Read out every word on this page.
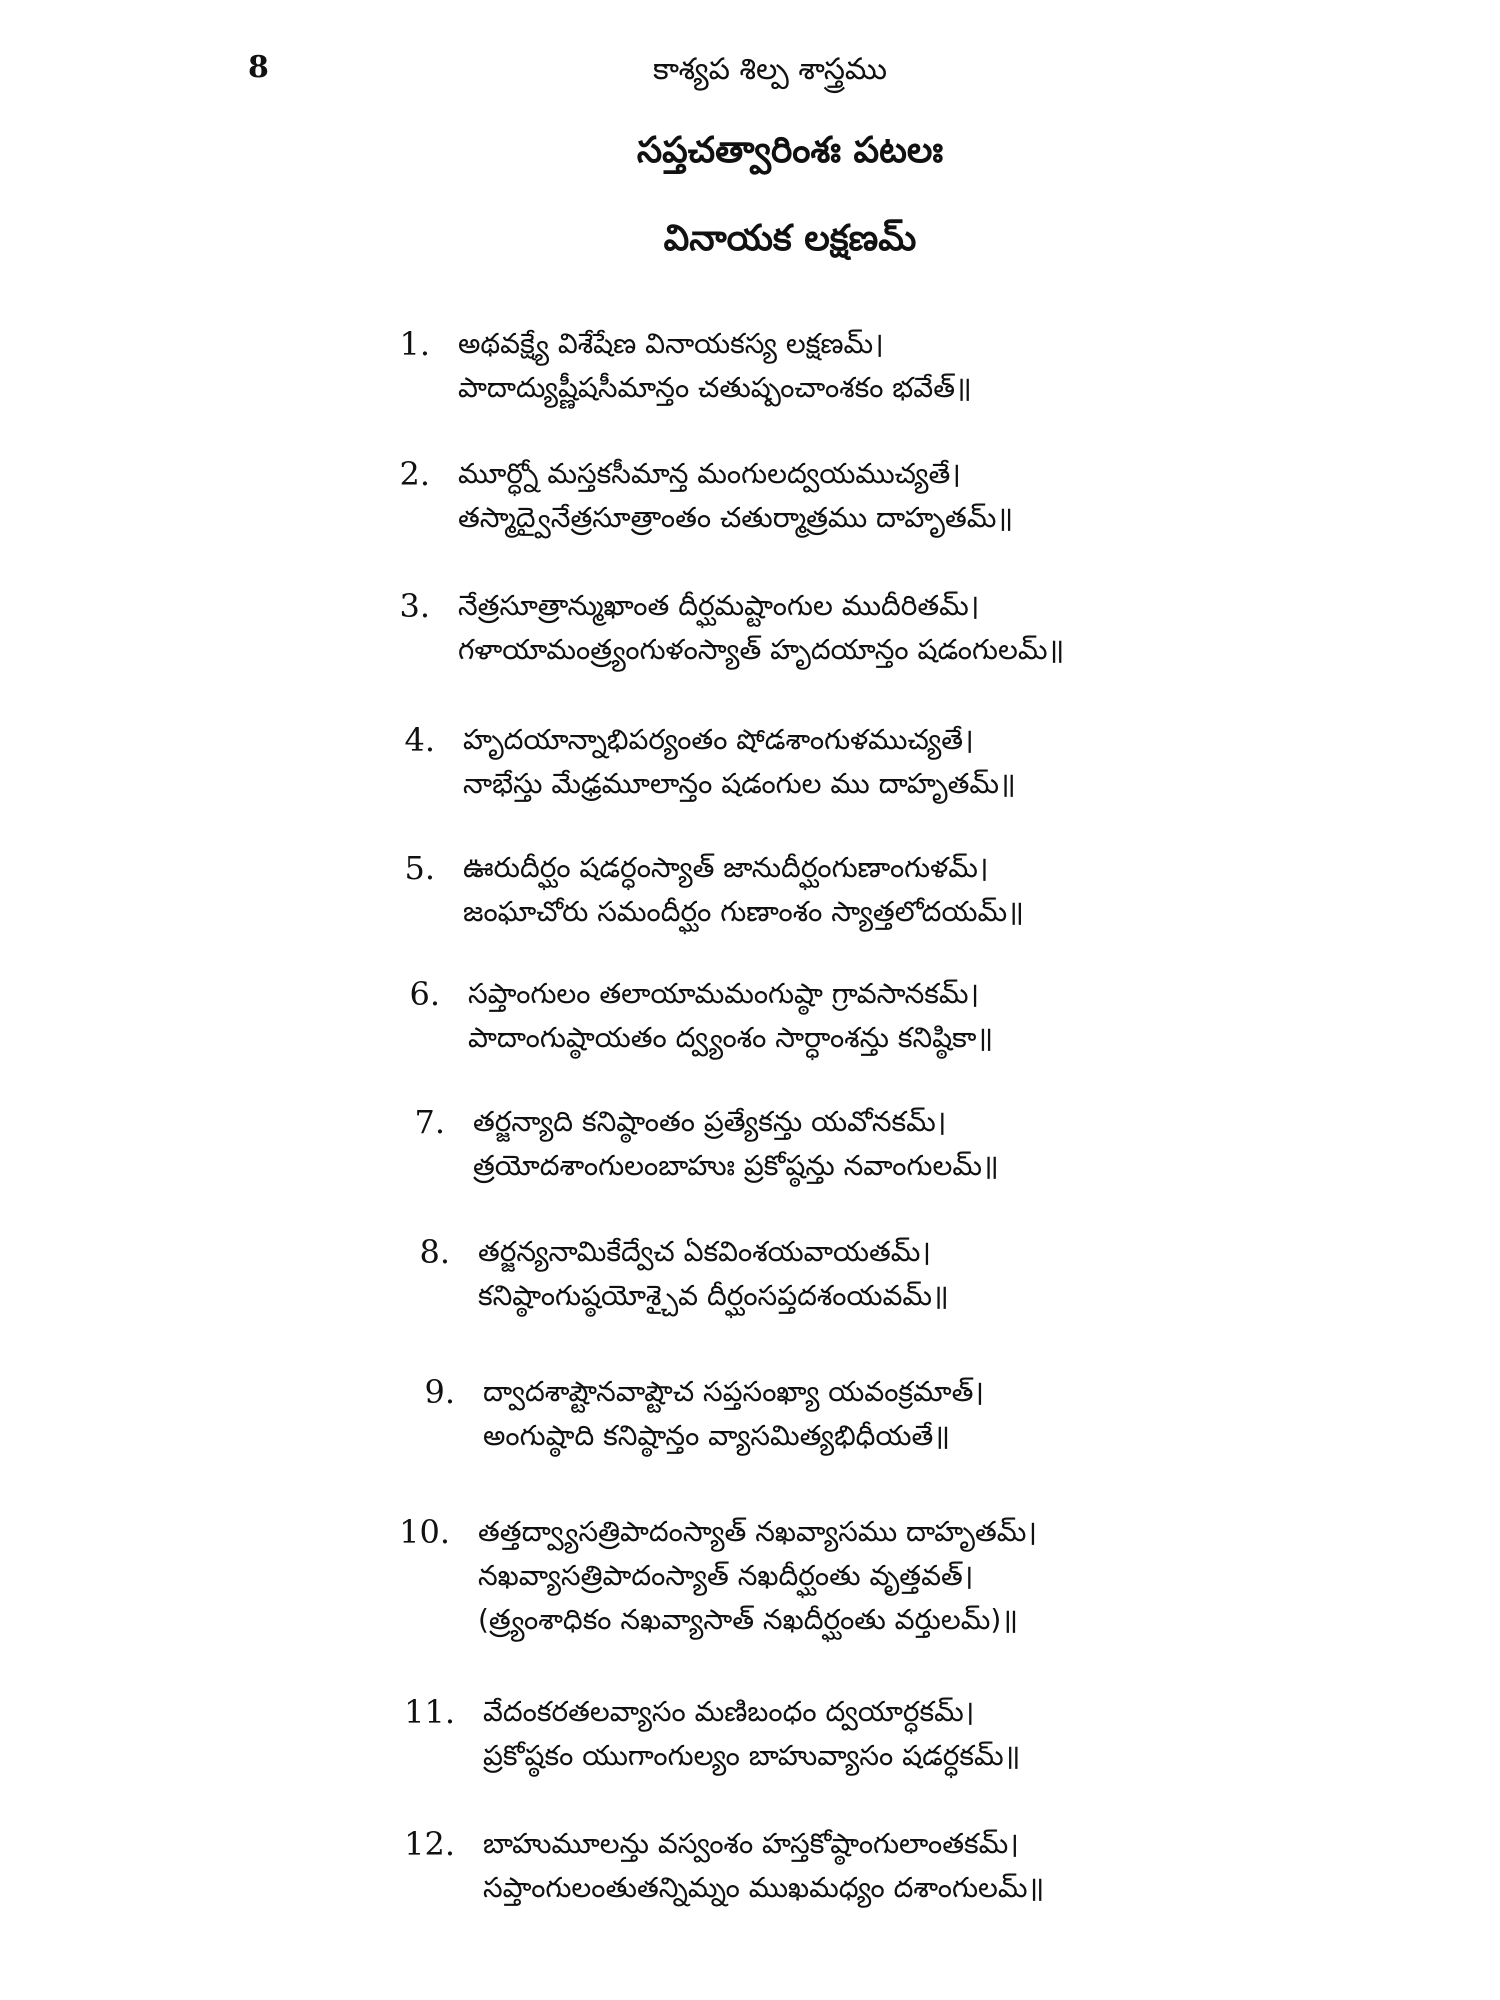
8	కాశ్యప శిల్ప శాస్త్రము
సప్తచత్వారింశః పటలః
వినాయక లక్షణమ్
1.	అథవక్ష్యే విశేషేణ వినాయకస్య లక్షణమ్।
పాదాద్యుష్ణీషసీమాన్తం చతుష్పంచాంశకం భవేత్॥
2.	మూర్ధ్నో మస్తకసీమాన్త మంగులద్వయముచ్యతే।
తస్మాద్వైనేత్రసూత్రాంతం చతుర్మాత్రము దాహృతమ్॥
3.	నేత్రసూత్రాన్ముఖాంత దీర్ఘమష్టాంగుల ముదీరితమ్।
గళాయామంత్ర్యంగుళంస్యాత్ హృదయాన్తం షడంగులమ్॥
4.	హృదయాన్నాభిపర్యంతం షోడశాంగుళముచ్యతే।
నాభేస్తు మేఢ్రమూలాన్తం షడంగుల ము దాహృతమ్॥
5.	ఊరుదీర్ఘం షడర్ధంస్యాత్ జానుదీర్ఘంగుణాంగుళమ్।
జంఘాచోరు సమందీర్ఘం గుణాంశం స్యాత్తలోదయమ్॥
6.	సప్తాంగులం తలాయామమంగుష్ఠా గ్రావసానకమ్।
పాదాంగుష్ఠాయతం ద్వ్యంశం సార్ధాంశన్తు కనిష్ఠికా॥
7.	తర్జన్యాది కనిష్ఠాంతం ప్రత్యేకన్తు యవోనకమ్।
త్రయోదశాంగులంబాహుః ప్రకోష్ఠన్తు నవాంగులమ్॥
8.	తర్జన్యనామికేద్వేచ ఏకవింశయవాయతమ్।
కనిష్ఠాంగుష్ఠయోశ్చైవ దీర్ఘంసప్తదశంయవమ్॥
9.	ద్వాదశాష్టౌనవాష్టౌచ సప్తసంఖ్యా యవంక్రమాత్।
అంగుష్ఠాది కనిష్ఠాన్తం వ్యాసమిత్యభిధీయతే॥
10.	తత్తద్వ్యాసత్రిపాదంస్యాత్ నఖవ్యాసము దాహృతమ్।
నఖవ్యాసత్రిపాదంస్యాత్ నఖదీర్ఘంతు వృత్తవత్।
(త్ర్యంశాధికం నఖవ్యాసాత్ నఖదీర్ఘంతు వర్తులమ్)॥
11.	వేదంకరతలవ్యాసం మణిబంధం ద్వయార్ధకమ్।
ప్రకోష్ఠకం యుగాంగుల్యం బాహువ్యాసం షడర్ధకమ్॥
12.	బాహుమూలన్తు వస్వంశం హస్తకోష్ఠాంగులాంతకమ్।
సప్తాంగులంతుతన్నిమ్నం ముఖమధ్యం దశాంగులమ్॥
